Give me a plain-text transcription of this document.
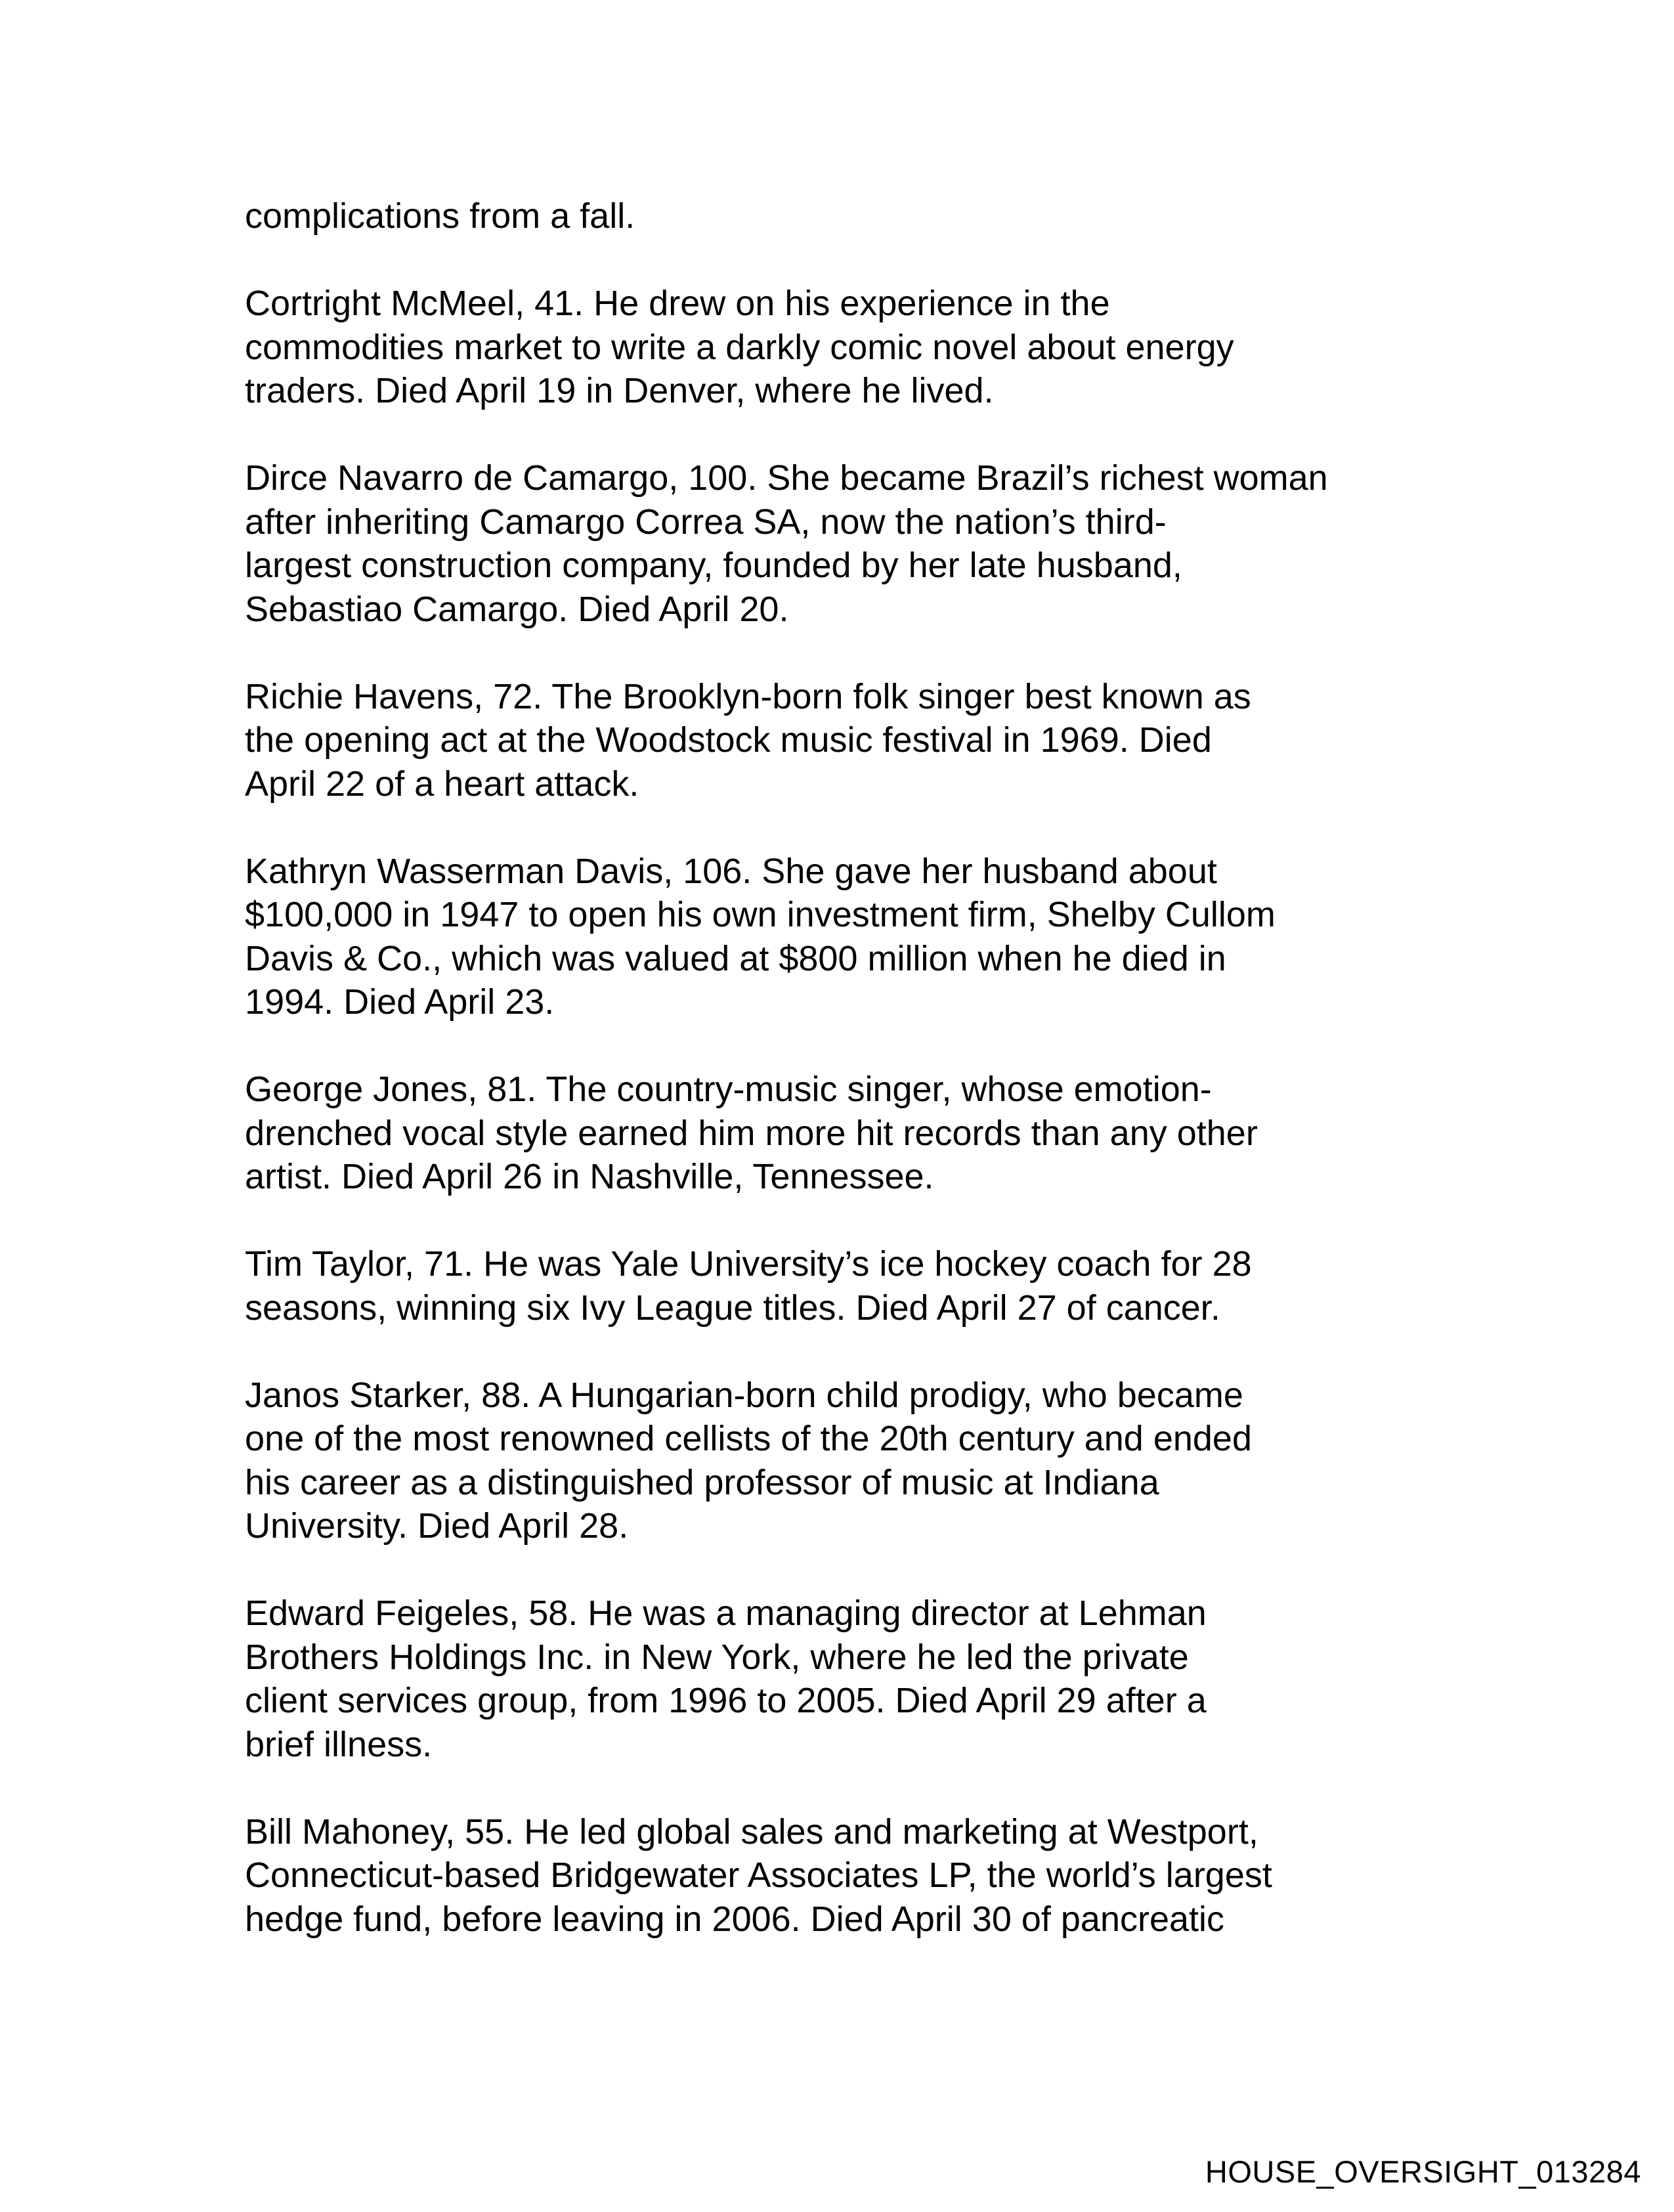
complications from a fall.

Cortright McMeel, 41. He drew on his experience in the
commodities market to write a darkly comic novel about energy
traders. Died April 19 in Denver, where he lived.

Dirce Navarro de Camargo, 100. She became Brazil’s richest woman
after inheriting Camargo Correa SA, now the nation’s third-
largest construction company, founded by her late husband,
Sebastiao Camargo. Died April 20.

Richie Havens, 72. The Brooklyn-born folk singer best known as
the opening act at the Woodstock music festival in 1969. Died
April 22 of a heart attack.

Kathryn Wasserman Davis, 106. She gave her husband about
$100,000 in 1947 to open his own investment firm, Shelby Cullom
Davis & Co., which was valued at $800 million when he died in
1994. Died April 23.

George Jones, 81. The country-music singer, whose emotion-
drenched vocal style earned him more hit records than any other
artist. Died April 26 in Nashville, Tennessee.

Tim Taylor, 71. He was Yale University’s ice hockey coach for 28
seasons, winning six Ivy League titles. Died April 27 of cancer.

Janos Starker, 88. A Hungarian-born child prodigy, who became
one of the most renowned cellists of the 20th century and ended
his career as a distinguished professor of music at Indiana
University. Died April 28.

Edward Feigeles, 58. He was a managing director at Lehman
Brothers Holdings Inc. in New York, where he led the private
client services group, from 1996 to 2005. Died April 29 after a
brief illness.

Bill Mahoney, 55. He led global sales and marketing at Westport,
Connecticut-based Bridgewater Associates LP, the world’s largest
hedge fund, before leaving in 2006. Died April 30 of pancreatic

HOUSE_OVERSIGHT_013284
